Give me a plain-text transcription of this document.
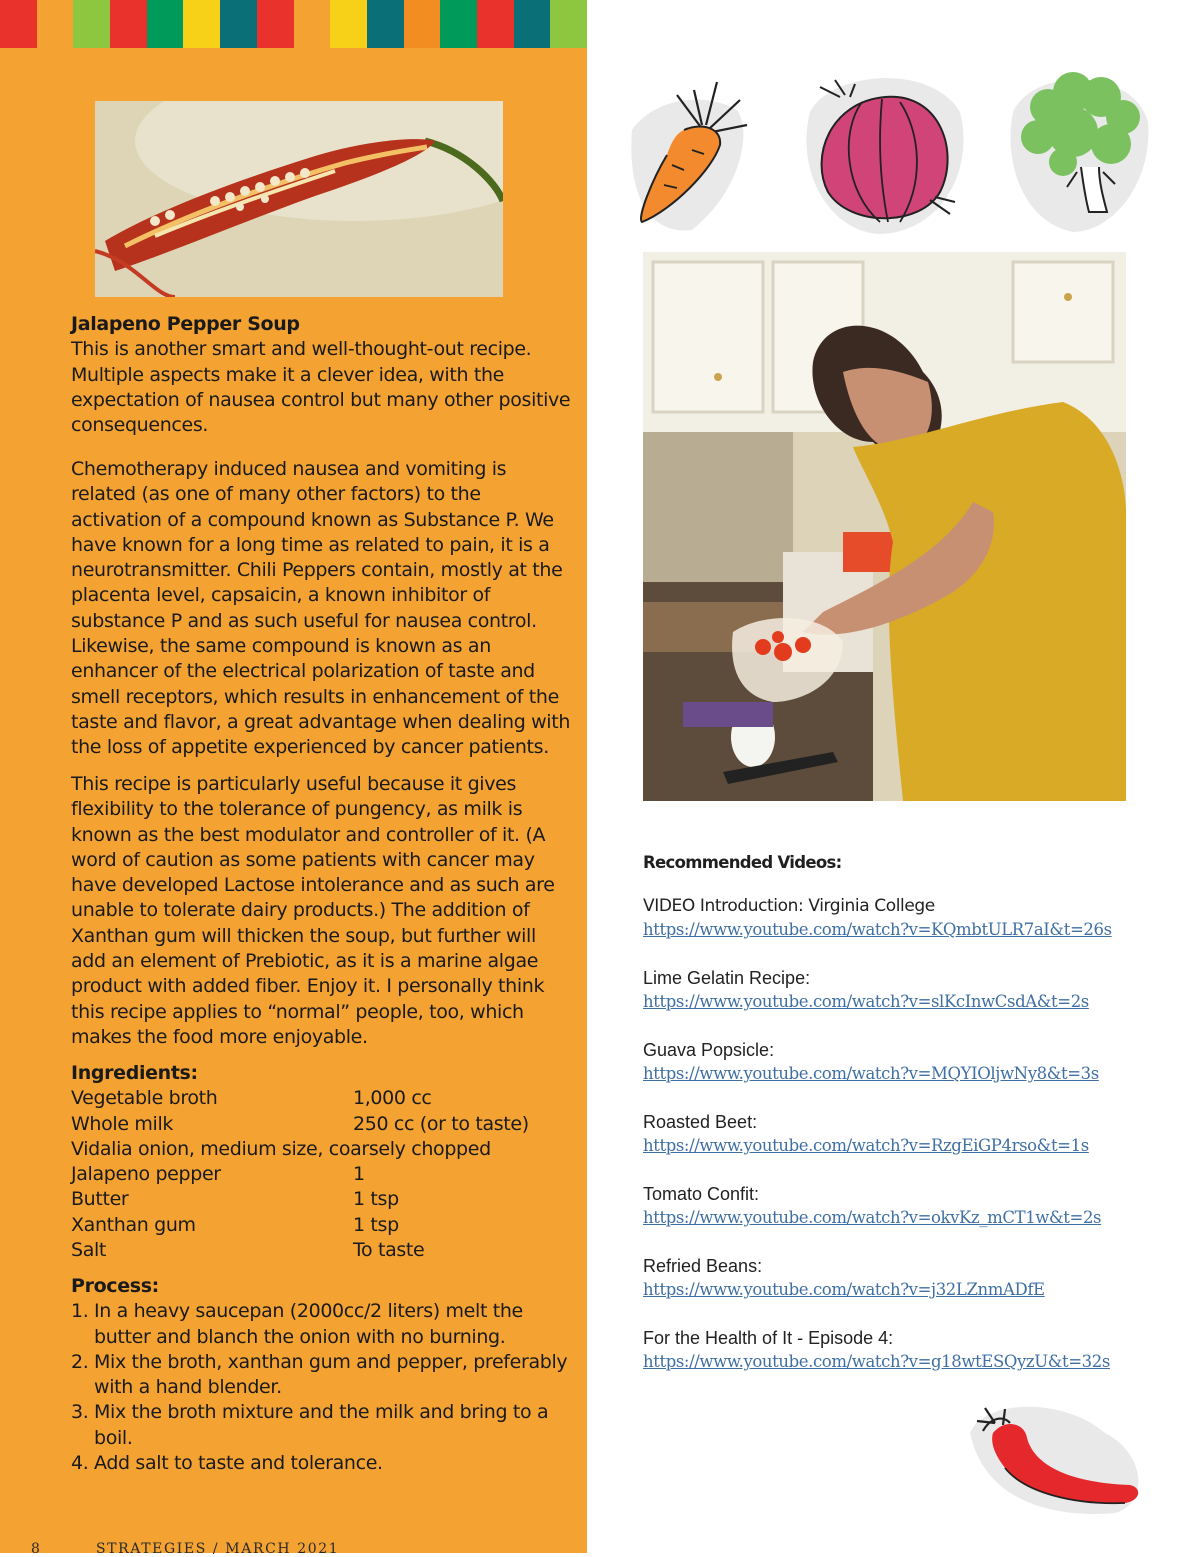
Jalapeno Pepper Soup
This is another smart and well-thought-out recipe. Multiple aspects make it a clever idea, with the expectation of nausea control but many other positive consequences.
Chemotherapy induced nausea and vomiting is related (as one of many other factors) to the activation of a compound known as Substance P. We have known for a long time as related to pain, it is a neurotransmitter. Chili Peppers contain, mostly at the placenta level, capsaicin, a known inhibitor of substance P and as such useful for nausea control. Likewise, the same compound is known as an enhancer of the electrical polarization of taste and smell receptors, which results in enhancement of the taste and flavor, a great advantage when dealing with the loss of appetite experienced by cancer patients.
This recipe is particularly useful because it gives flexibility to the tolerance of pungency, as milk is known as the best modulator and controller of it. (A word of caution as some patients with cancer may have developed Lactose intolerance and as such are unable to tolerate dairy products.) The addition of Xanthan gum will thicken the soup, but further will add an element of Prebiotic, as it is a marine algae product with added fiber. Enjoy it. I personally think this recipe applies to “normal” people, too, which makes the food more enjoyable.
Ingredients:
Vegetable broth	1,000 cc
Whole milk	250 cc (or to taste)
Vidalia onion, medium size, coarsely chopped
Jalapeno pepper	1
Butter	1 tsp
Xanthan gum	1 tsp
Salt	To taste
Process:
1. In a heavy saucepan (2000cc/2 liters) melt the butter and blanch the onion with no burning.
2. Mix the broth, xanthan gum and pepper, preferably with a hand blender.
3. Mix the broth mixture and the milk and bring to a boil.
4. Add salt to taste and tolerance.
8	STRATEGIES / MARCH 2021
Recommended Videos:
VIDEO Introduction: Virginia College
https://www.youtube.com/watch?v=KQmbtULR7aI&t=26s
Lime Gelatin Recipe:
https://www.youtube.com/watch?v=slKcInwCsdA&t=2s
Guava Popsicle:
https://www.youtube.com/watch?v=MQYIOljwNy8&t=3s
Roasted Beet:
https://www.youtube.com/watch?v=RzgEiGP4rso&t=1s
Tomato Confit:
https://www.youtube.com/watch?v=okvKz_mCT1w&t=2s
Refried Beans:
https://www.youtube.com/watch?v=j32LZnmADfE
For the Health of It - Episode 4:
https://www.youtube.com/watch?v=g18wtESQyzU&t=32s
